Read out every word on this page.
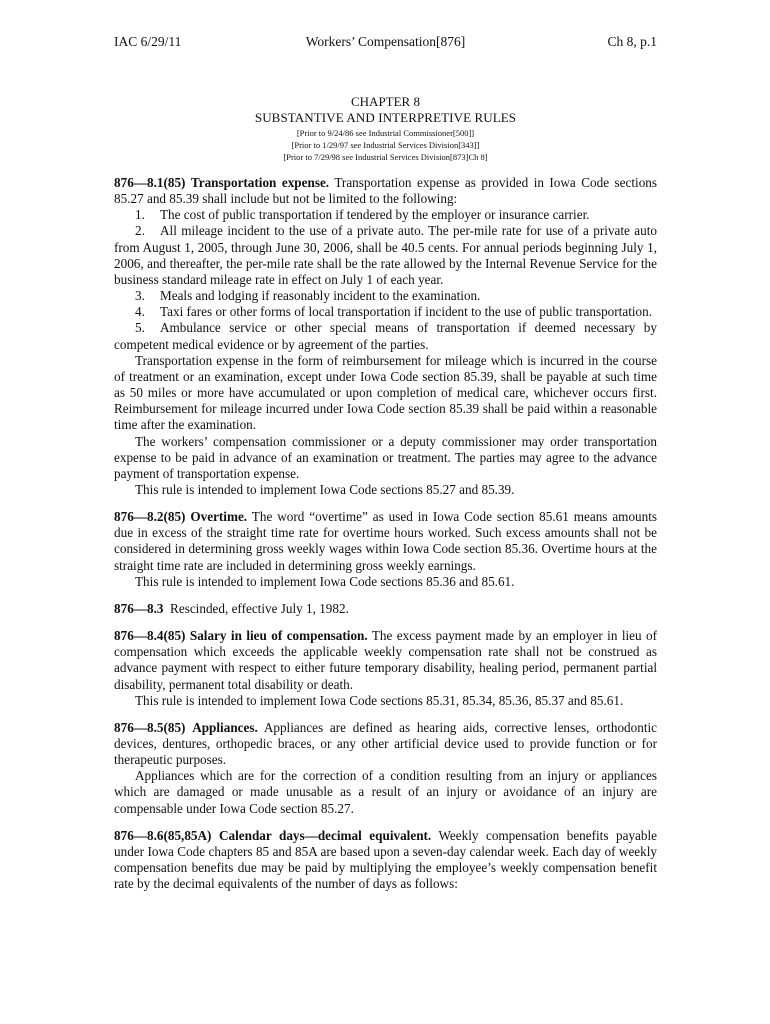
IAC 6/29/11	Workers’ Compensation[876]	Ch 8, p.1
CHAPTER 8
SUBSTANTIVE AND INTERPRETIVE RULES
[Prior to 9/24/86 see Industrial Commissioner[500]]
[Prior to 1/29/97 see Industrial Services Division[343]]
[Prior to 7/29/98 see Industrial Services Division[873]Ch 8]

876—8.1(85) Transportation expense. Transportation expense as provided in Iowa Code sections 85.27 and 85.39 shall include but not be limited to the following:

1. The cost of public transportation if tendered by the employer or insurance carrier.

2. All mileage incident to the use of a private auto. The per-mile rate for use of a private auto from August 1, 2005, through June 30, 2006, shall be 40.5 cents. For annual periods beginning July 1, 2006, and thereafter, the per-mile rate shall be the rate allowed by the Internal Revenue Service for the business standard mileage rate in effect on July 1 of each year.

3. Meals and lodging if reasonably incident to the examination.

4. Taxi fares or other forms of local transportation if incident to the use of public transportation.

5. Ambulance service or other special means of transportation if deemed necessary by competent medical evidence or by agreement of the parties.

Transportation expense in the form of reimbursement for mileage which is incurred in the course of treatment or an examination, except under Iowa Code section 85.39, shall be payable at such time as 50 miles or more have accumulated or upon completion of medical care, whichever occurs first. Reimbursement for mileage incurred under Iowa Code section 85.39 shall be paid within a reasonable time after the examination.

The workers’ compensation commissioner or a deputy commissioner may order transportation expense to be paid in advance of an examination or treatment. The parties may agree to the advance payment of transportation expense.

This rule is intended to implement Iowa Code sections 85.27 and 85.39.

876—8.2(85) Overtime. The word “overtime” as used in Iowa Code section 85.61 means amounts due in excess of the straight time rate for overtime hours worked. Such excess amounts shall not be considered in determining gross weekly wages within Iowa Code section 85.36. Overtime hours at the straight time rate are included in determining gross weekly earnings.

This rule is intended to implement Iowa Code sections 85.36 and 85.61.

876—8.3 Rescinded, effective July 1, 1982.

876—8.4(85) Salary in lieu of compensation. The excess payment made by an employer in lieu of compensation which exceeds the applicable weekly compensation rate shall not be construed as advance payment with respect to either future temporary disability, healing period, permanent partial disability, permanent total disability or death.

This rule is intended to implement Iowa Code sections 85.31, 85.34, 85.36, 85.37 and 85.61.

876—8.5(85) Appliances. Appliances are defined as hearing aids, corrective lenses, orthodontic devices, dentures, orthopedic braces, or any other artificial device used to provide function or for therapeutic purposes.

Appliances which are for the correction of a condition resulting from an injury or appliances which are damaged or made unusable as a result of an injury or avoidance of an injury are compensable under Iowa Code section 85.27.

876—8.6(85,85A) Calendar days—decimal equivalent. Weekly compensation benefits payable under Iowa Code chapters 85 and 85A are based upon a seven-day calendar week. Each day of weekly compensation benefits due may be paid by multiplying the employee’s weekly compensation benefit rate by the decimal equivalents of the number of days as follows:
